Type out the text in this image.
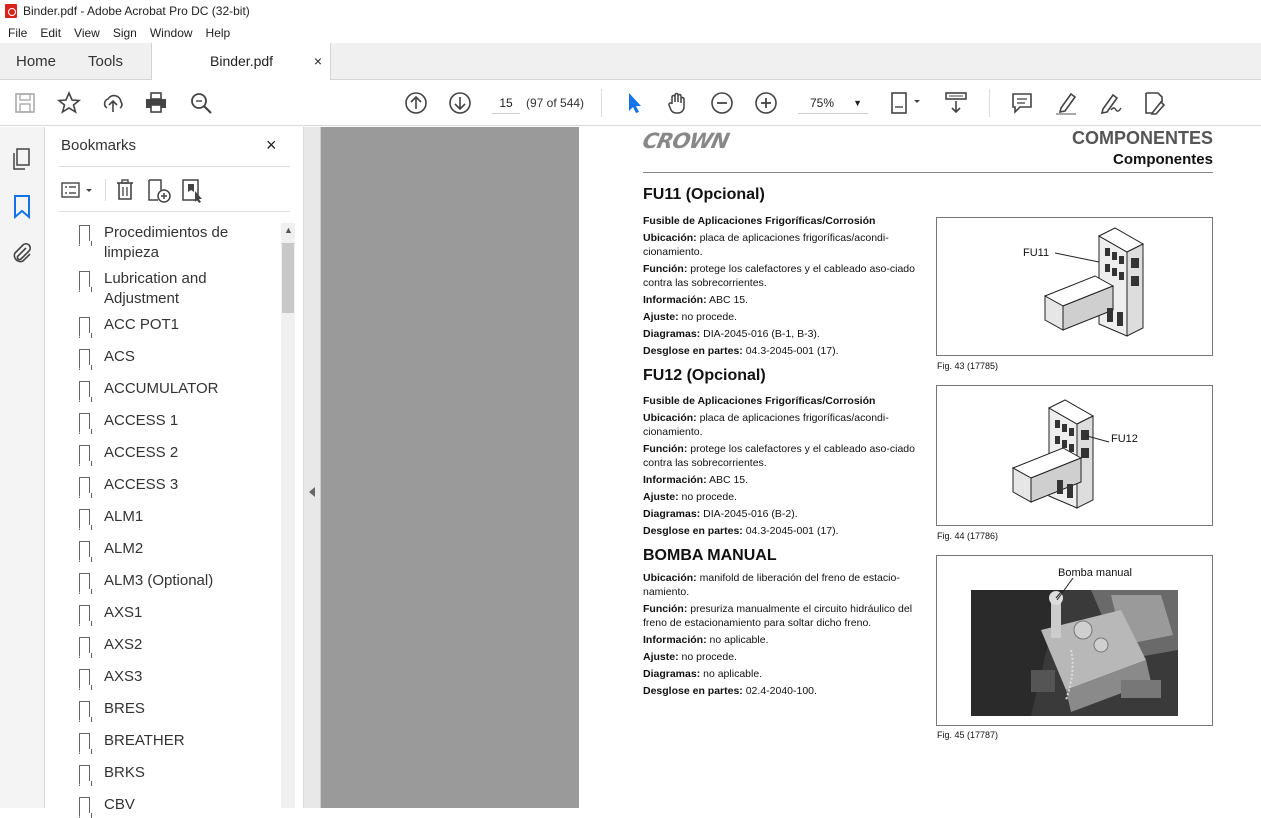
Binder.pdf - Adobe Acrobat Pro DC (32-bit)
File	Edit	View	Sign	Window	Help
Home Tools	Binder.pdf	×
15	(97 of 544)	75% ▼
Bookmarks	×
Procedimientos de limpieza
Lubrication and Adjustment
ACC POT1
ACS
ACCUMULATOR
ACCESS 1
ACCESS 2
ACCESS 3
ALM1
ALM2
ALM3 (Optional)
AXS1
AXS2
AXS3
BRES
BREATHER
BRKS
CBV
▲
CROWN	COMPONENTES
Componentes
FU11 (Opcional)
Fusible de Aplicaciones Frigoríficas/Corrosión
Ubicación: placa de aplicaciones frigoríficas/acondi-cionamiento.
Función: protege los calefactores y el cableado aso-ciado contra las sobrecorrientes.
Información: ABC 15.
Ajuste: no procede.
Diagramas: DIA-2045-016 (B-1, B-3).
Desglose en partes: 04.3-2045-001 (17).
FU11
Fig. 43 (17785)
FU12 (Opcional)
Fusible de Aplicaciones Frigoríficas/Corrosión
Ubicación: placa de aplicaciones frigoríficas/acondi-cionamiento.
Función: protege los calefactores y el cableado aso-ciado contra las sobrecorrientes.
Información: ABC 15.
Ajuste: no procede.
Diagramas: DIA-2045-016 (B-2).
Desglose en partes: 04.3-2045-001 (17).
FU12
Fig. 44 (17786)
BOMBA MANUAL
Ubicación: manifold de liberación del freno de estacio-namiento.
Función: presuriza manualmente el circuito hidráulico del freno de estacionamiento para soltar dicho freno.
Información: no aplicable.
Ajuste: no procede.
Diagramas: no aplicable.
Desglose en partes: 02.4-2040-100.
Bomba manual
Fig. 45 (17787)
